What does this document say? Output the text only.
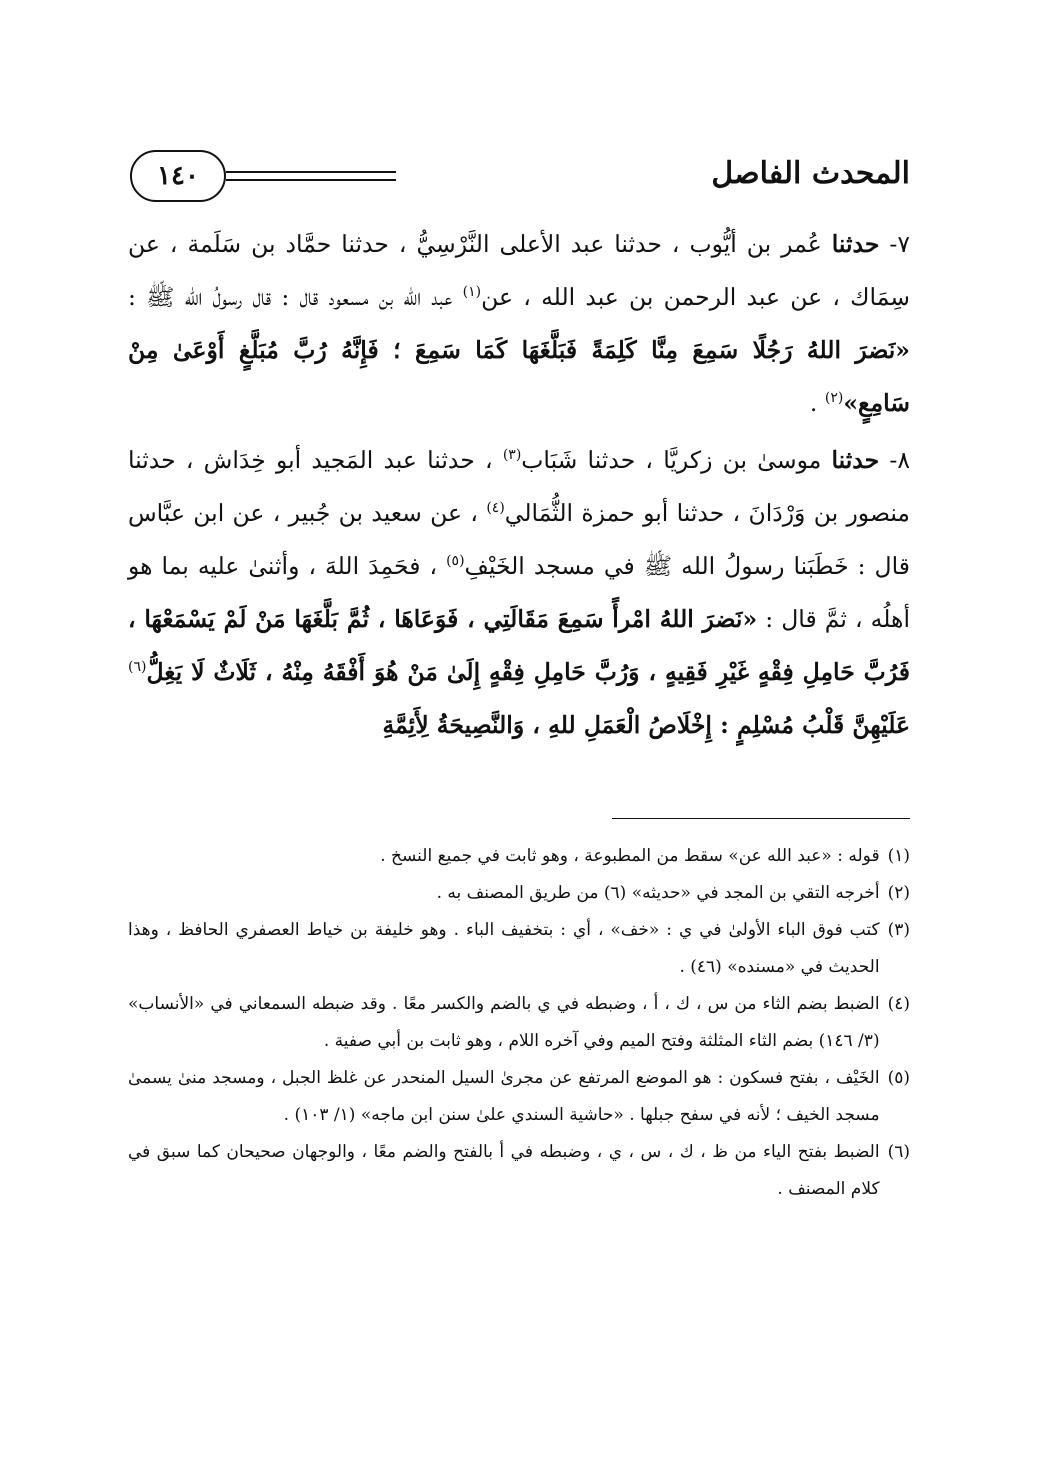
١٤٠	المحدث الفاصل

٧- حدثنا عُمر بن أيُّوب ، حدثنا عبد الأعلى النَّرْسِيُّ ، حدثنا حمَّاد بن سَلَمة ، عن سِمَاك ، عن عبد الرحمن بن عبد الله ، عن$^{(١)}$ عبد الله بن مسعود قال : قال رسولُ الله ﷺ : «نَضرَ اللهُ رَجُلًا سَمِعَ مِنَّا كَلِمَةً فَبَلَّغَهَا كَمَا سَمِعَ ؛ فَإِنَّهُ رُبَّ مُبَلَّغٍ أَوْعَىٰ مِنْ سَامِعٍ»$^{(٢)}$ .

٨- حدثنا موسىٰ بن زكريَّا ، حدثنا شَبَاب$^{(٣)}$ ، حدثنا عبد المَجيد أبو خِدَاش ، حدثنا منصور بن وَرْدَانَ ، حدثنا أبو حمزة الثُّمَالي$^{(٤)}$ ، عن سعيد بن جُبير ، عن ابن عبَّاس قال : خَطَبَنا رسولُ الله ﷺ في مسجد الخَيْفِ$^{(٥)}$ ، فحَمِدَ اللهَ ، وأثنىٰ عليه بما هو أهلُه ، ثمَّ قال : «نَضرَ اللهُ امْرأً سَمِعَ مَقَالَتِي ، فَوَعَاهَا ، ثُمَّ بَلَّغَهَا مَنْ لَمْ يَسْمَعْهَا ، فَرُبَّ حَامِلِ فِقْهٍ غَيْرِ فَقِيهٍ ، وَرُبَّ حَامِلِ فِقْهٍ إِلَىٰ مَنْ هُوَ أَفْقَهُ مِنْهُ ، ثَلَاثٌ لَا يَغِلُّ$^{(٦)}$ عَلَيْهِنَّ قَلْبُ مُسْلِمٍ : إِخْلَاصُ الْعَمَلِ للهِ ، وَالنَّصِيحَةُ لِأَئِمَّةِ

(١)
قوله : «عبد الله عن» سقط من المطبوعة ، وهو ثابت في جميع النسخ .
(٢)
أخرجه التقي بن المجد في «حديثه» (٦) من طريق المصنف به .
(٣)
كتب فوق الباء الأولىٰ في ي : «خف» ، أي : بتخفيف الباء . وهو خليفة بن خياط العصفري الحافظ ، وهذا الحديث في «مسنده» (٤٦) .
(٤)
الضبط بضم الثاء من س ، ك ، أ ، وضبطه في ي بالضم والكسر معًا . وقد ضبطه السمعاني في «الأنساب» (٣/ ١٤٦) بضم الثاء المثلثة وفتح الميم وفي آخره اللام ، وهو ثابت بن أبي صفية .
(٥)
الخَيْف ، بفتح فسكون : هو الموضع المرتفع عن مجرىٰ السيل المنحدر عن غلظ الجبل ، ومسجد منىٰ يسمىٰ مسجد الخيف ؛ لأنه في سفح جبلها . «حاشية السندي علىٰ سنن ابن ماجه» (١/ ١٠٣) .
(٦)
الضبط بفتح الياء من ظ ، ك ، س ، ي ، وضبطه في أ بالفتح والضم معًا ، والوجهان صحيحان كما سبق في كلام المصنف .
